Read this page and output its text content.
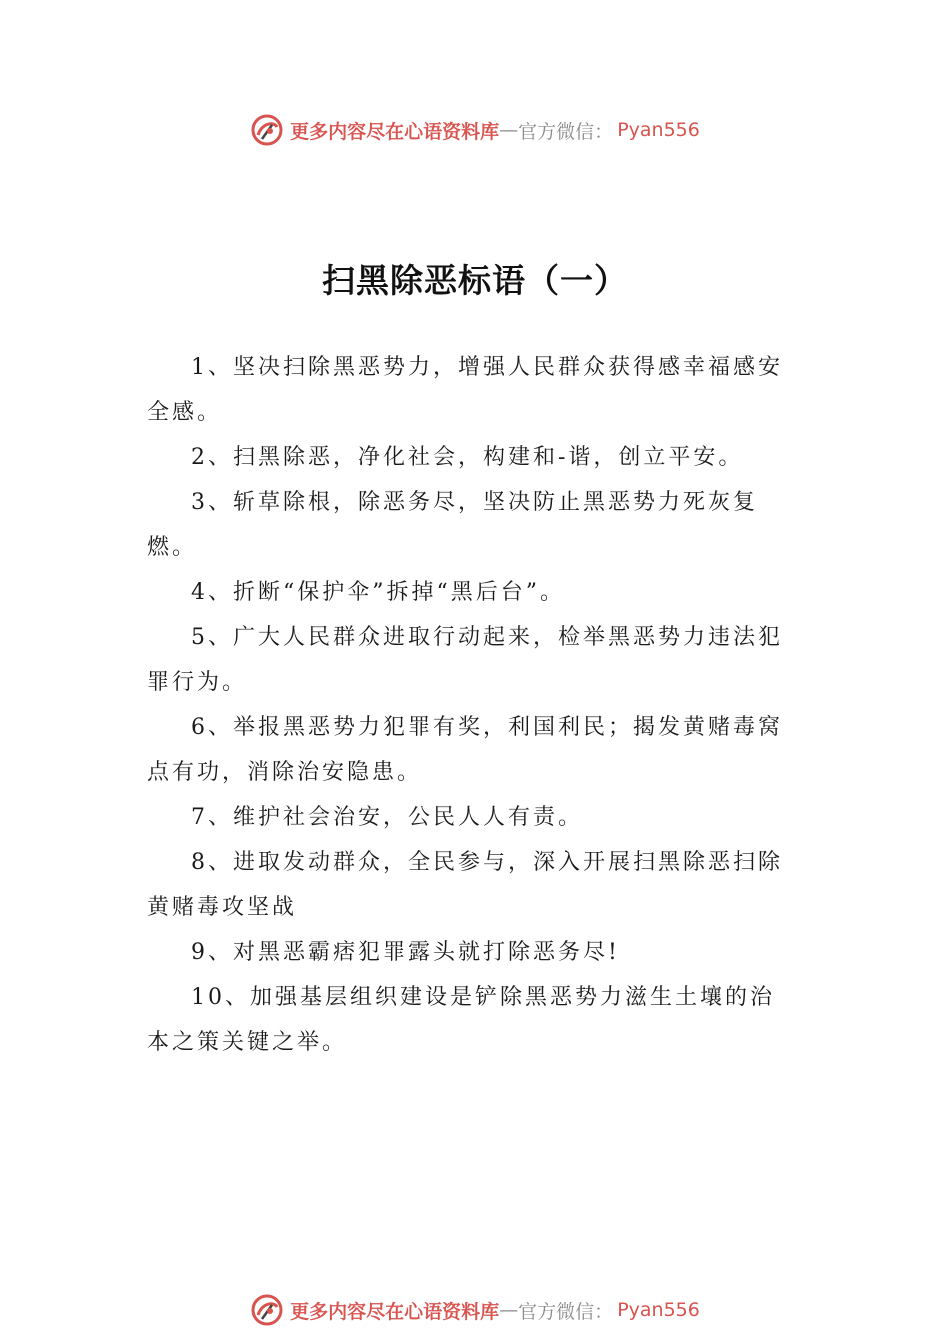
更多内容尽在心语资料库 — 官方微信： Pyan556
扫黑除恶标语（一）

1、坚决扫除黑恶势力，增强人民群众获得感幸福感安全感。

2、扫黑除恶，净化社会，构建和-谐，创立平安。

3、斩草除根，除恶务尽，坚决防止黑恶势力死灰复燃。

4、折断“保护伞”拆掉“黑后台”。

5、广大人民群众进取行动起来，检举黑恶势力违法犯罪行为。

6、举报黑恶势力犯罪有奖，利国利民；揭发黄赌毒窝点有功，消除治安隐患。

7、维护社会治安，公民人人有责。

8、进取发动群众，全民参与，深入开展扫黑除恶扫除黄赌毒攻坚战

9、对黑恶霸痞犯罪露头就打除恶务尽!

10、加强基层组织建设是铲除黑恶势力滋生土壤的治本之策关键之举。

更多内容尽在心语资料库 — 官方微信： Pyan556
